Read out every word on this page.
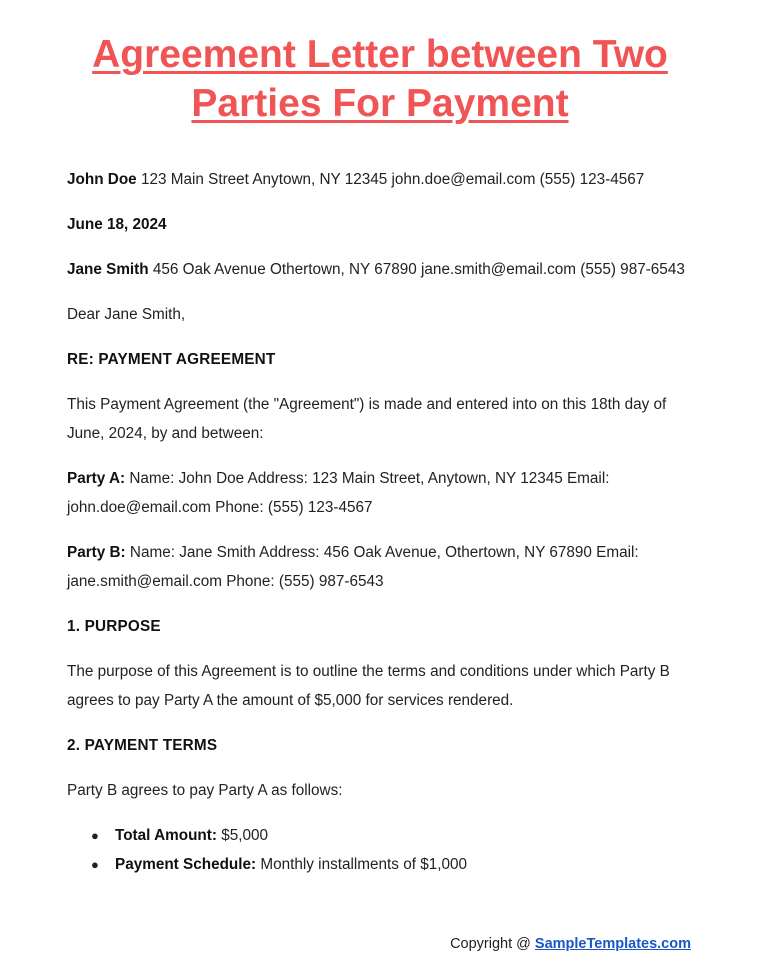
Agreement Letter between Two Parties For Payment

John Doe 123 Main Street Anytown, NY 12345 john.doe@email.com (555) 123-4567

June 18, 2024

Jane Smith 456 Oak Avenue Othertown, NY 67890 jane.smith@email.com (555) 987-6543

Dear Jane Smith,

RE: PAYMENT AGREEMENT

This Payment Agreement (the "Agreement") is made and entered into on this 18th day of June, 2024, by and between:

Party A: Name: John Doe Address: 123 Main Street, Anytown, NY 12345 Email: john.doe@email.com Phone: (555) 123-4567

Party B: Name: Jane Smith Address: 456 Oak Avenue, Othertown, NY 67890 Email: jane.smith@email.com Phone: (555) 987-6543

1. PURPOSE

The purpose of this Agreement is to outline the terms and conditions under which Party B agrees to pay Party A the amount of $5,000 for services rendered.

2. PAYMENT TERMS

Party B agrees to pay Party A as follows:

● Total Amount: $5,000
● Payment Schedule: Monthly installments of $1,000
Copyright @ SampleTemplates.com
